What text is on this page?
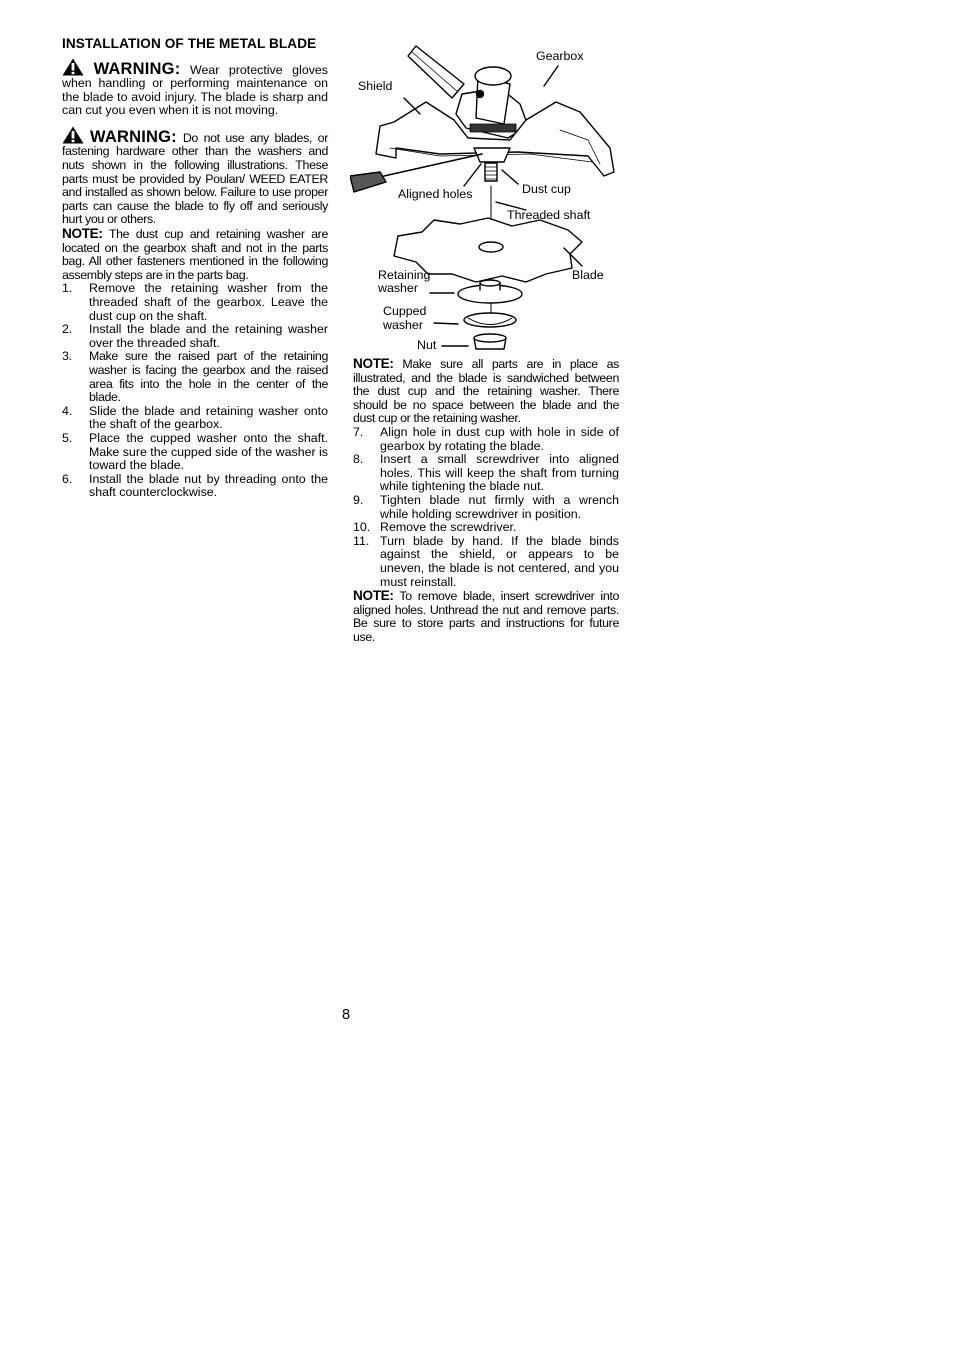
INSTALLATION OF THE METAL BLADE
WARNING: Wear protective gloves when handling or performing maintenance on the blade to avoid injury. The blade is sharp and can cut you even when it is not moving.
WARNING: Do not use any blades, or fastening hardware other than the washers and nuts shown in the following illustrations. These parts must be provided by Poulan/ WEED EATER and installed as shown below. Failure to use proper parts can cause the blade to fly off and seriously hurt you or others.

NOTE: The dust cup and retaining washer are located on the gearbox shaft and not in the parts bag. All other fasteners mentioned in the following assembly steps are in the parts bag.

1. Remove the retaining washer from the threaded shaft of the gearbox. Leave the dust cup on the shaft.
2. Install the blade and the retaining washer over the threaded shaft.
3. Make sure the raised part of the retaining washer is facing the gearbox and the raised area fits into the hole in the center of the blade.
4. Slide the blade and retaining washer onto the shaft of the gearbox.
5. Place the cupped washer onto the shaft. Make sure the cupped side of the washer is toward the blade.
6. Install the blade nut by threading onto the shaft counterclockwise.
Gearbox
Shield
Aligned holes	Dust cup
Threaded shaft
Blade
Retaining
washer
Cupped
washer
Nut

NOTE: Make sure all parts are in place as illustrated, and the blade is sandwiched between the dust cup and the retaining washer. There should be no space between the blade and the dust cup or the retaining washer.

7. Align hole in dust cup with hole in side of gearbox by rotating the blade.
8. Insert a small screwdriver into aligned holes. This will keep the shaft from turning while tightening the blade nut.
9. Tighten blade nut firmly with a wrench while holding screwdriver in position.
10. Remove the screwdriver.
11. Turn blade by hand. If the blade binds against the shield, or appears to be uneven, the blade is not centered, and you must reinstall.

NOTE: To remove blade, insert screwdriver into aligned holes. Unthread the nut and remove parts. Be sure to store parts and instructions for future use.

8
